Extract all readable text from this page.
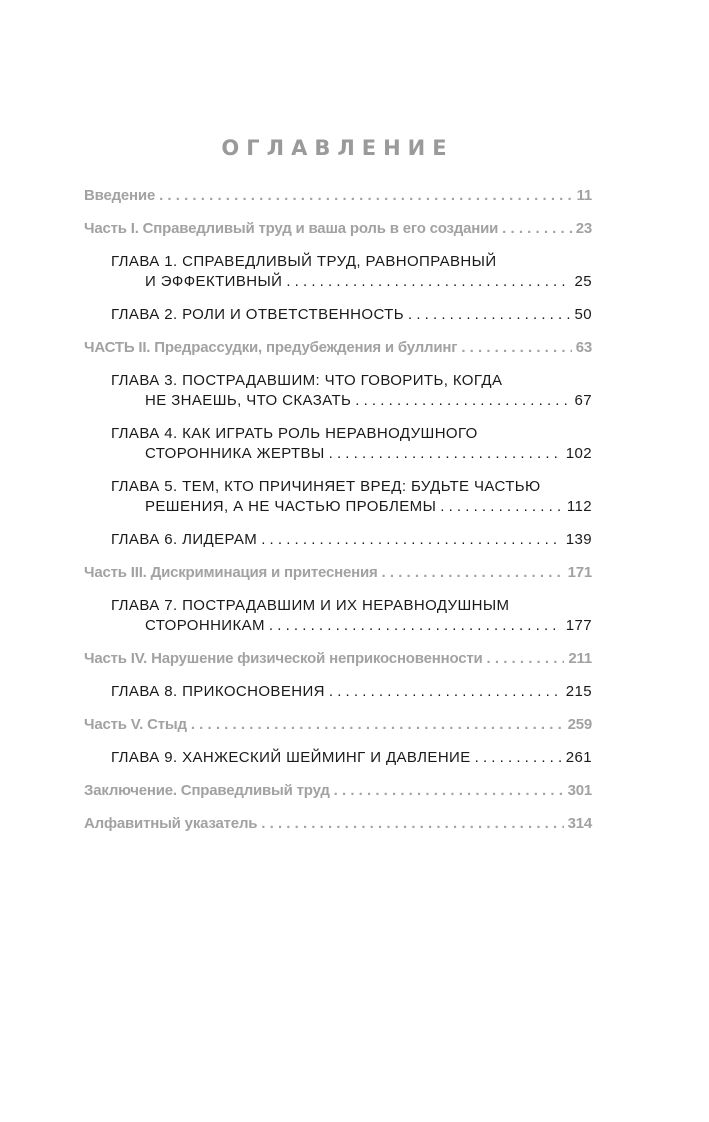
ОГЛАВЛЕНИЕ
Введение . . .	11
Часть I. Справедливый труд и ваша роль в его создании . . .	23
ГЛАВА 1. СПРАВЕДЛИВЫЙ ТРУД, РАВНОПРАВНЫЙ
И ЭФФЕКТИВНЫЙ . . .	25
ГЛАВА 2. РОЛИ И ОТВЕТСТВЕННОСТЬ . . .	50
ЧАСТЬ II. Предрассудки, предубеждения и буллинг . . .	63
ГЛАВА 3. ПОСТРАДАВШИМ: ЧТО ГОВОРИТЬ, КОГДА
НЕ ЗНАЕШЬ, ЧТО СКАЗАТЬ . . .	67
ГЛАВА 4. КАК ИГРАТЬ РОЛЬ НЕРАВНОДУШНОГО
СТОРОННИКА ЖЕРТВЫ . . .	102
ГЛАВА 5. ТЕМ, КТО ПРИЧИНЯЕТ ВРЕД: БУДЬТЕ ЧАСТЬЮ
РЕШЕНИЯ, А НЕ ЧАСТЬЮ ПРОБЛЕМЫ . . .	112
ГЛАВА 6. ЛИДЕРАМ . . .	139
Часть III. Дискриминация и притеснения . . .	171
ГЛАВА 7. ПОСТРАДАВШИМ И ИХ НЕРАВНОДУШНЫМ
СТОРОННИКАМ . . .	177
Часть IV. Нарушение физической неприкосновенности . . .	211
ГЛАВА 8. ПРИКОСНОВЕНИЯ . . .	215
Часть V. Стыд . . .	259
ГЛАВА 9. ХАНЖЕСКИЙ ШЕЙМИНГ И ДАВЛЕНИЕ . . .	261
Заключение. Справедливый труд . . .	301
Алфавитный указатель . . .	314
